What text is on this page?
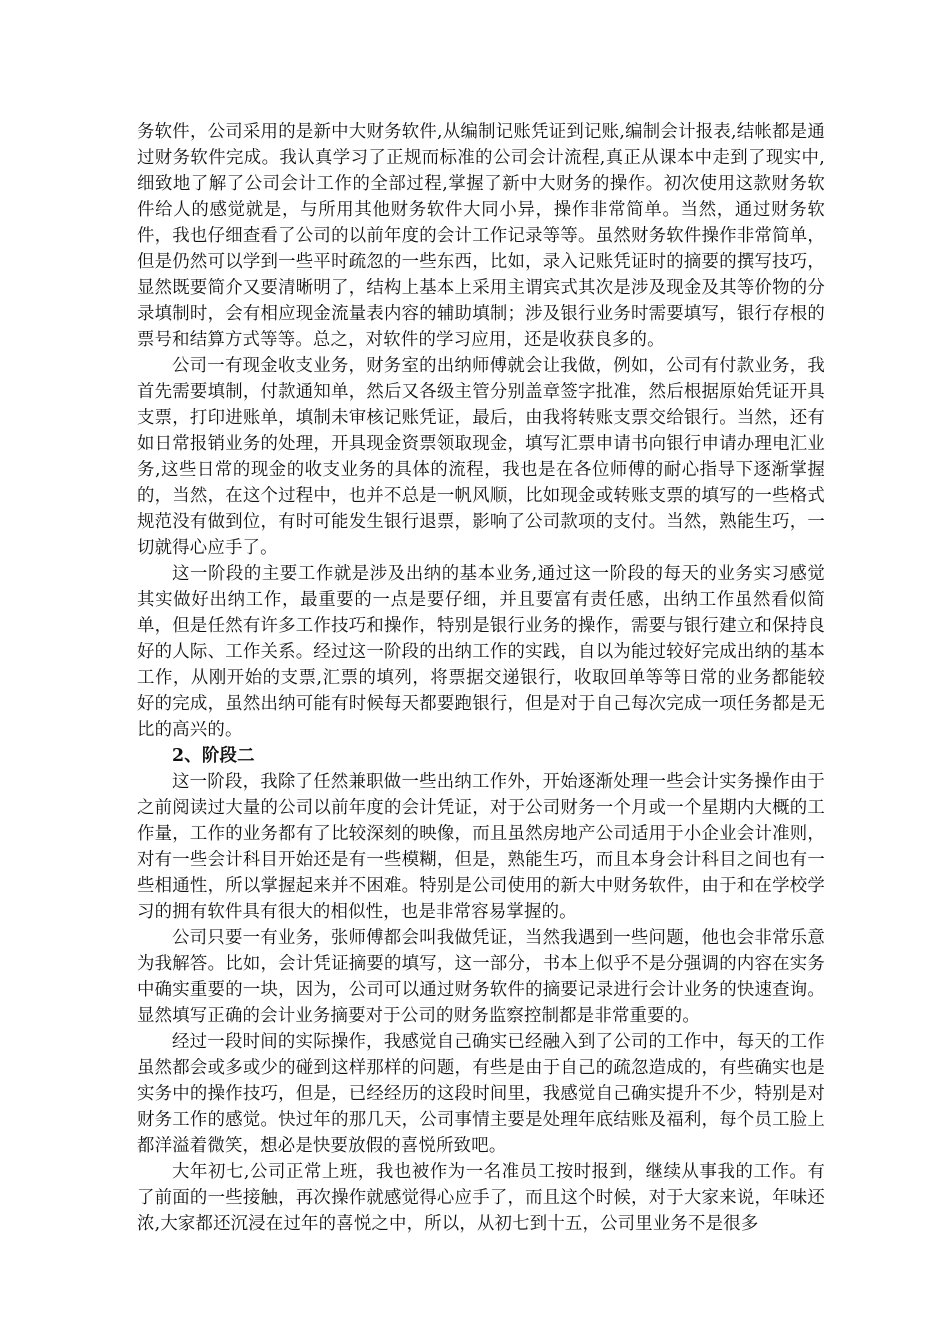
务软件，公司采用的是新中大财务软件,从编制记账凭证到记账,编制会计报表,结帐都是通过财务软件完成。我认真学习了正规而标准的公司会计流程,真正从课本中走到了现实中,细致地了解了公司会计工作的全部过程,掌握了新中大财务的操作。初次使用这款财务软件给人的感觉就是，与所用其他财务软件大同小异，操作非常简单。当然，通过财务软件，我也仔细查看了公司的以前年度的会计工作记录等等。虽然财务软件操作非常简单，但是仍然可以学到一些平时疏忽的一些东西，比如，录入记账凭证时的摘要的撰写技巧，显然既要简介又要清晰明了，结构上基本上采用主谓宾式其次是涉及现金及其等价物的分录填制时，会有相应现金流量表内容的辅助填制；涉及银行业务时需要填写，银行存根的票号和结算方式等等。总之，对软件的学习应用，还是收获良多的。

公司一有现金收支业务，财务室的出纳师傅就会让我做，例如，公司有付款业务，我首先需要填制，付款通知单，然后又各级主管分别盖章签字批准，然后根据原始凭证开具支票，打印进账单，填制未审核记账凭证，最后，由我将转账支票交给银行。当然，还有如日常报销业务的处理，开具现金资票领取现金，填写汇票申请书向银行申请办理电汇业务,这些日常的现金的收支业务的具体的流程，我也是在各位师傅的耐心指导下逐渐掌握的，当然，在这个过程中，也并不总是一帆风顺，比如现金或转账支票的填写的一些格式规范没有做到位，有时可能发生银行退票，影响了公司款项的支付。当然，熟能生巧，一切就得心应手了。

这一阶段的主要工作就是涉及出纳的基本业务,通过这一阶段的每天的业务实习感觉其实做好出纳工作，最重要的一点是要仔细，并且要富有责任感，出纳工作虽然看似简单，但是任然有许多工作技巧和操作，特别是银行业务的操作，需要与银行建立和保持良好的人际、工作关系。经过这一阶段的出纳工作的实践，自以为能过较好完成出纳的基本工作，从刚开始的支票,汇票的填列，将票据交递银行，收取回单等等日常的业务都能较好的完成，虽然出纳可能有时候每天都要跑银行，但是对于自己每次完成一项任务都是无比的高兴的。

2、阶段二

这一阶段，我除了任然兼职做一些出纳工作外，开始逐渐处理一些会计实务操作由于之前阅读过大量的公司以前年度的会计凭证，对于公司财务一个月或一个星期内大概的工作量，工作的业务都有了比较深刻的映像，而且虽然房地产公司适用于小企业会计准则，对有一些会计科目开始还是有一些模糊，但是，熟能生巧，而且本身会计科目之间也有一些相通性，所以掌握起来并不困难。特别是公司使用的新大中财务软件，由于和在学校学习的拥有软件具有很大的相似性，也是非常容易掌握的。

公司只要一有业务，张师傅都会叫我做凭证，当然我遇到一些问题，他也会非常乐意为我解答。比如，会计凭证摘要的填写，这一部分，书本上似乎不是分强调的内容在实务中确实重要的一块，因为，公司可以通过财务软件的摘要记录进行会计业务的快速查询。显然填写正确的会计业务摘要对于公司的财务监察控制都是非常重要的。

经过一段时间的实际操作，我感觉自己确实已经融入到了公司的工作中，每天的工作虽然都会或多或少的碰到这样那样的问题，有些是由于自己的疏忽造成的，有些确实也是实务中的操作技巧，但是，已经经历的这段时间里，我感觉自己确实提升不少，特别是对财务工作的感觉。快过年的那几天，公司事情主要是处理年底结账及福利，每个员工脸上都洋溢着微笑，想必是快要放假的喜悦所致吧。

大年初七,公司正常上班，我也被作为一名准员工按时报到，继续从事我的工作。有了前面的一些接触，再次操作就感觉得心应手了，而且这个时候，对于大家来说，年味还浓,大家都还沉浸在过年的喜悦之中，所以，从初七到十五，公司里业务不是很多
